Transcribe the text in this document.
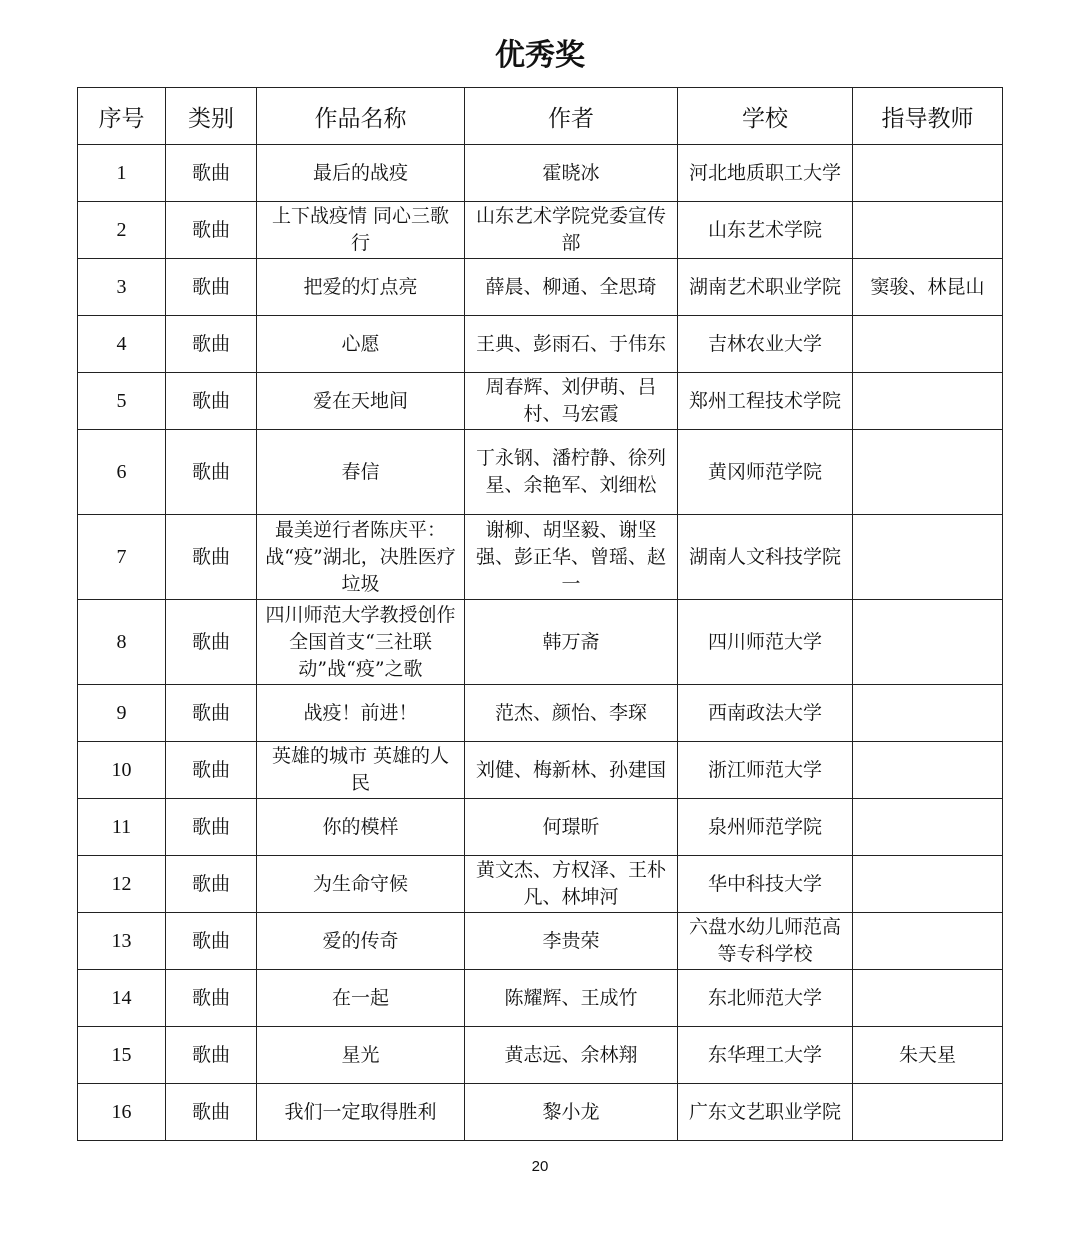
优秀奖
序号	类别	作品名称	作者	学校	指导教师
1	歌曲	最后的战疫	霍晓冰	河北地质职工大学	
2	歌曲	上下战疫情 同心三歌行	山东艺术学院党委宣传部	山东艺术学院	
3	歌曲	把爱的灯点亮	薛晨、柳通、全思琦	湖南艺术职业学院	窦骏、林昆山
4	歌曲	心愿	王典、彭雨石、于伟东	吉林农业大学	
5	歌曲	爱在天地间	周春辉、刘伊萌、吕村、马宏霞	郑州工程技术学院	
6	歌曲	春信	丁永钢、潘柠静、徐列星、余艳军、刘细松	黄冈师范学院	
7	歌曲	最美逆行者陈庆平：战“疫”湖北，决胜医疗垃圾	谢柳、胡坚毅、谢坚强、彭正华、曾瑶、赵一	湖南人文科技学院	
8	歌曲	四川师范大学教授创作全国首支“三社联动”战“疫”之歌	韩万斋	四川师范大学	
9	歌曲	战疫！前进！	范杰、颜怡、李琛	西南政法大学	
10	歌曲	英雄的城市 英雄的人民	刘健、梅新林、孙建国	浙江师范大学	
11	歌曲	你的模样	何璟昕	泉州师范学院	
12	歌曲	为生命守候	黄文杰、方权泽、王朴凡、林坤河	华中科技大学	
13	歌曲	爱的传奇	李贵荣	六盘水幼儿师范高等专科学校	
14	歌曲	在一起	陈耀辉、王成竹	东北师范大学	
15	歌曲	星光	黄志远、余林翔	东华理工大学	朱天星
16	歌曲	我们一定取得胜利	黎小龙	广东文艺职业学院	
20
